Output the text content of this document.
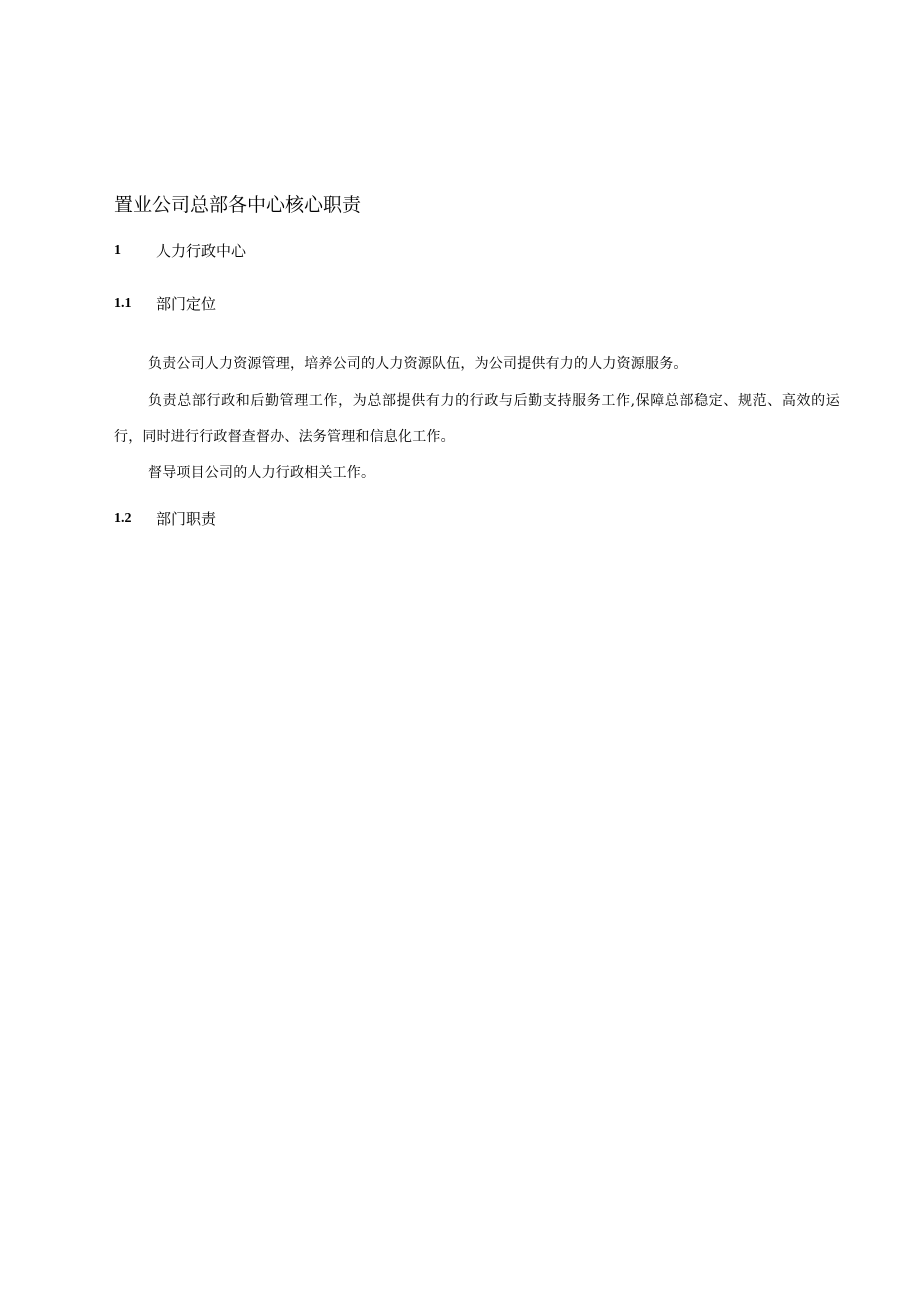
置业公司总部各中心核心职责
1 人力行政中心
1.1 部门定位

负责公司人力资源管理，培养公司的人力资源队伍，为公司提供有力的人力资源服务。

负责总部行政和后勤管理工作，为总部提供有力的行政与后勤支持服务工作,保障总部稳定、规范、高效的运行，同时进行行政督查督办、法务管理和信息化工作。

督导项目公司的人力行政相关工作。

1.2 部门职责
